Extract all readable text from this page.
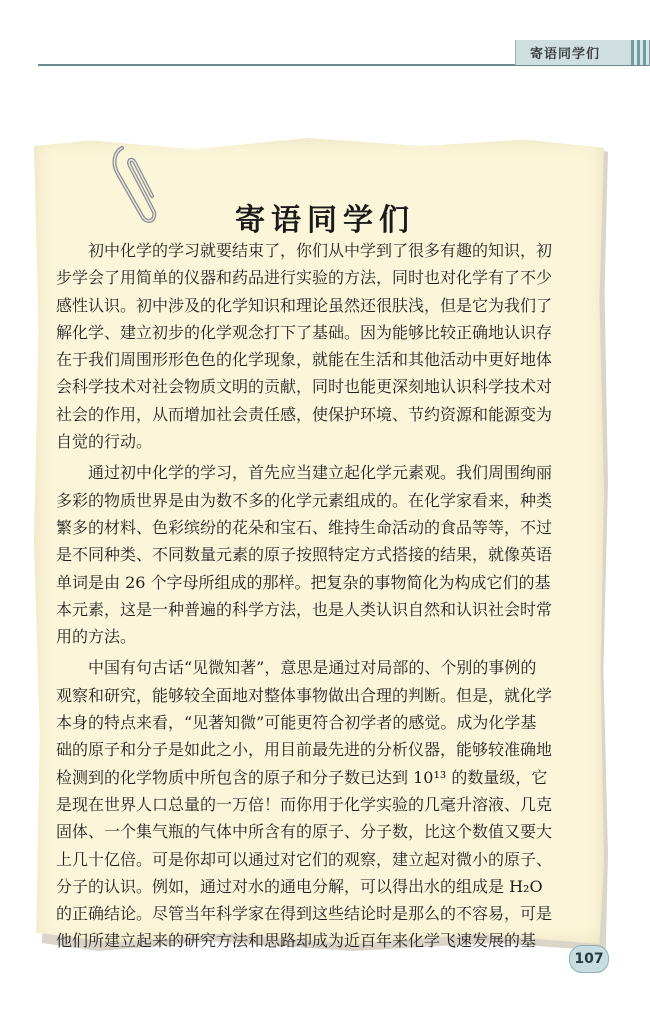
寄语同学们
寄语同学们
初中化学的学习就要结束了，你们从中学到了很多有趣的知识，初
步学会了用简单的仪器和药品进行实验的方法，同时也对化学有了不少
感性认识。初中涉及的化学知识和理论虽然还很肤浅，但是它为我们了
解化学、建立初步的化学观念打下了基础。因为能够比较正确地认识存
在于我们周围形形色色的化学现象，就能在生活和其他活动中更好地体
会科学技术对社会物质文明的贡献，同时也能更深刻地认识科学技术对
社会的作用，从而增加社会责任感，使保护环境、节约资源和能源变为
自觉的行动。
通过初中化学的学习，首先应当建立起化学元素观。我们周围绚丽
多彩的物质世界是由为数不多的化学元素组成的。在化学家看来，种类
繁多的材料、色彩缤纷的花朵和宝石、维持生命活动的食品等等，不过
是不同种类、不同数量元素的原子按照特定方式搭接的结果，就像英语
单词是由 26 个字母所组成的那样。把复杂的事物简化为构成它们的基
本元素，这是一种普遍的科学方法，也是人类认识自然和认识社会时常
用的方法。
中国有句古话“见微知著”，意思是通过对局部的、个别的事例的
观察和研究，能够较全面地对整体事物做出合理的判断。但是，就化学
本身的特点来看，“见著知微”可能更符合初学者的感觉。成为化学基
础的原子和分子是如此之小，用目前最先进的分析仪器，能够较准确地
检测到的化学物质中所包含的原子和分子数已达到 10¹³ 的数量级，它
是现在世界人口总量的一万倍！而你用于化学实验的几毫升溶液、几克
固体、一个集气瓶的气体中所含有的原子、分子数，比这个数值又要大
上几十亿倍。可是你却可以通过对它们的观察，建立起对微小的原子、
分子的认识。例如，通过对水的通电分解，可以得出水的组成是 H₂O
的正确结论。尽管当年科学家在得到这些结论时是那么的不容易，可是
他们所建立起来的研究方法和思路却成为近百年来化学飞速发展的基
107
